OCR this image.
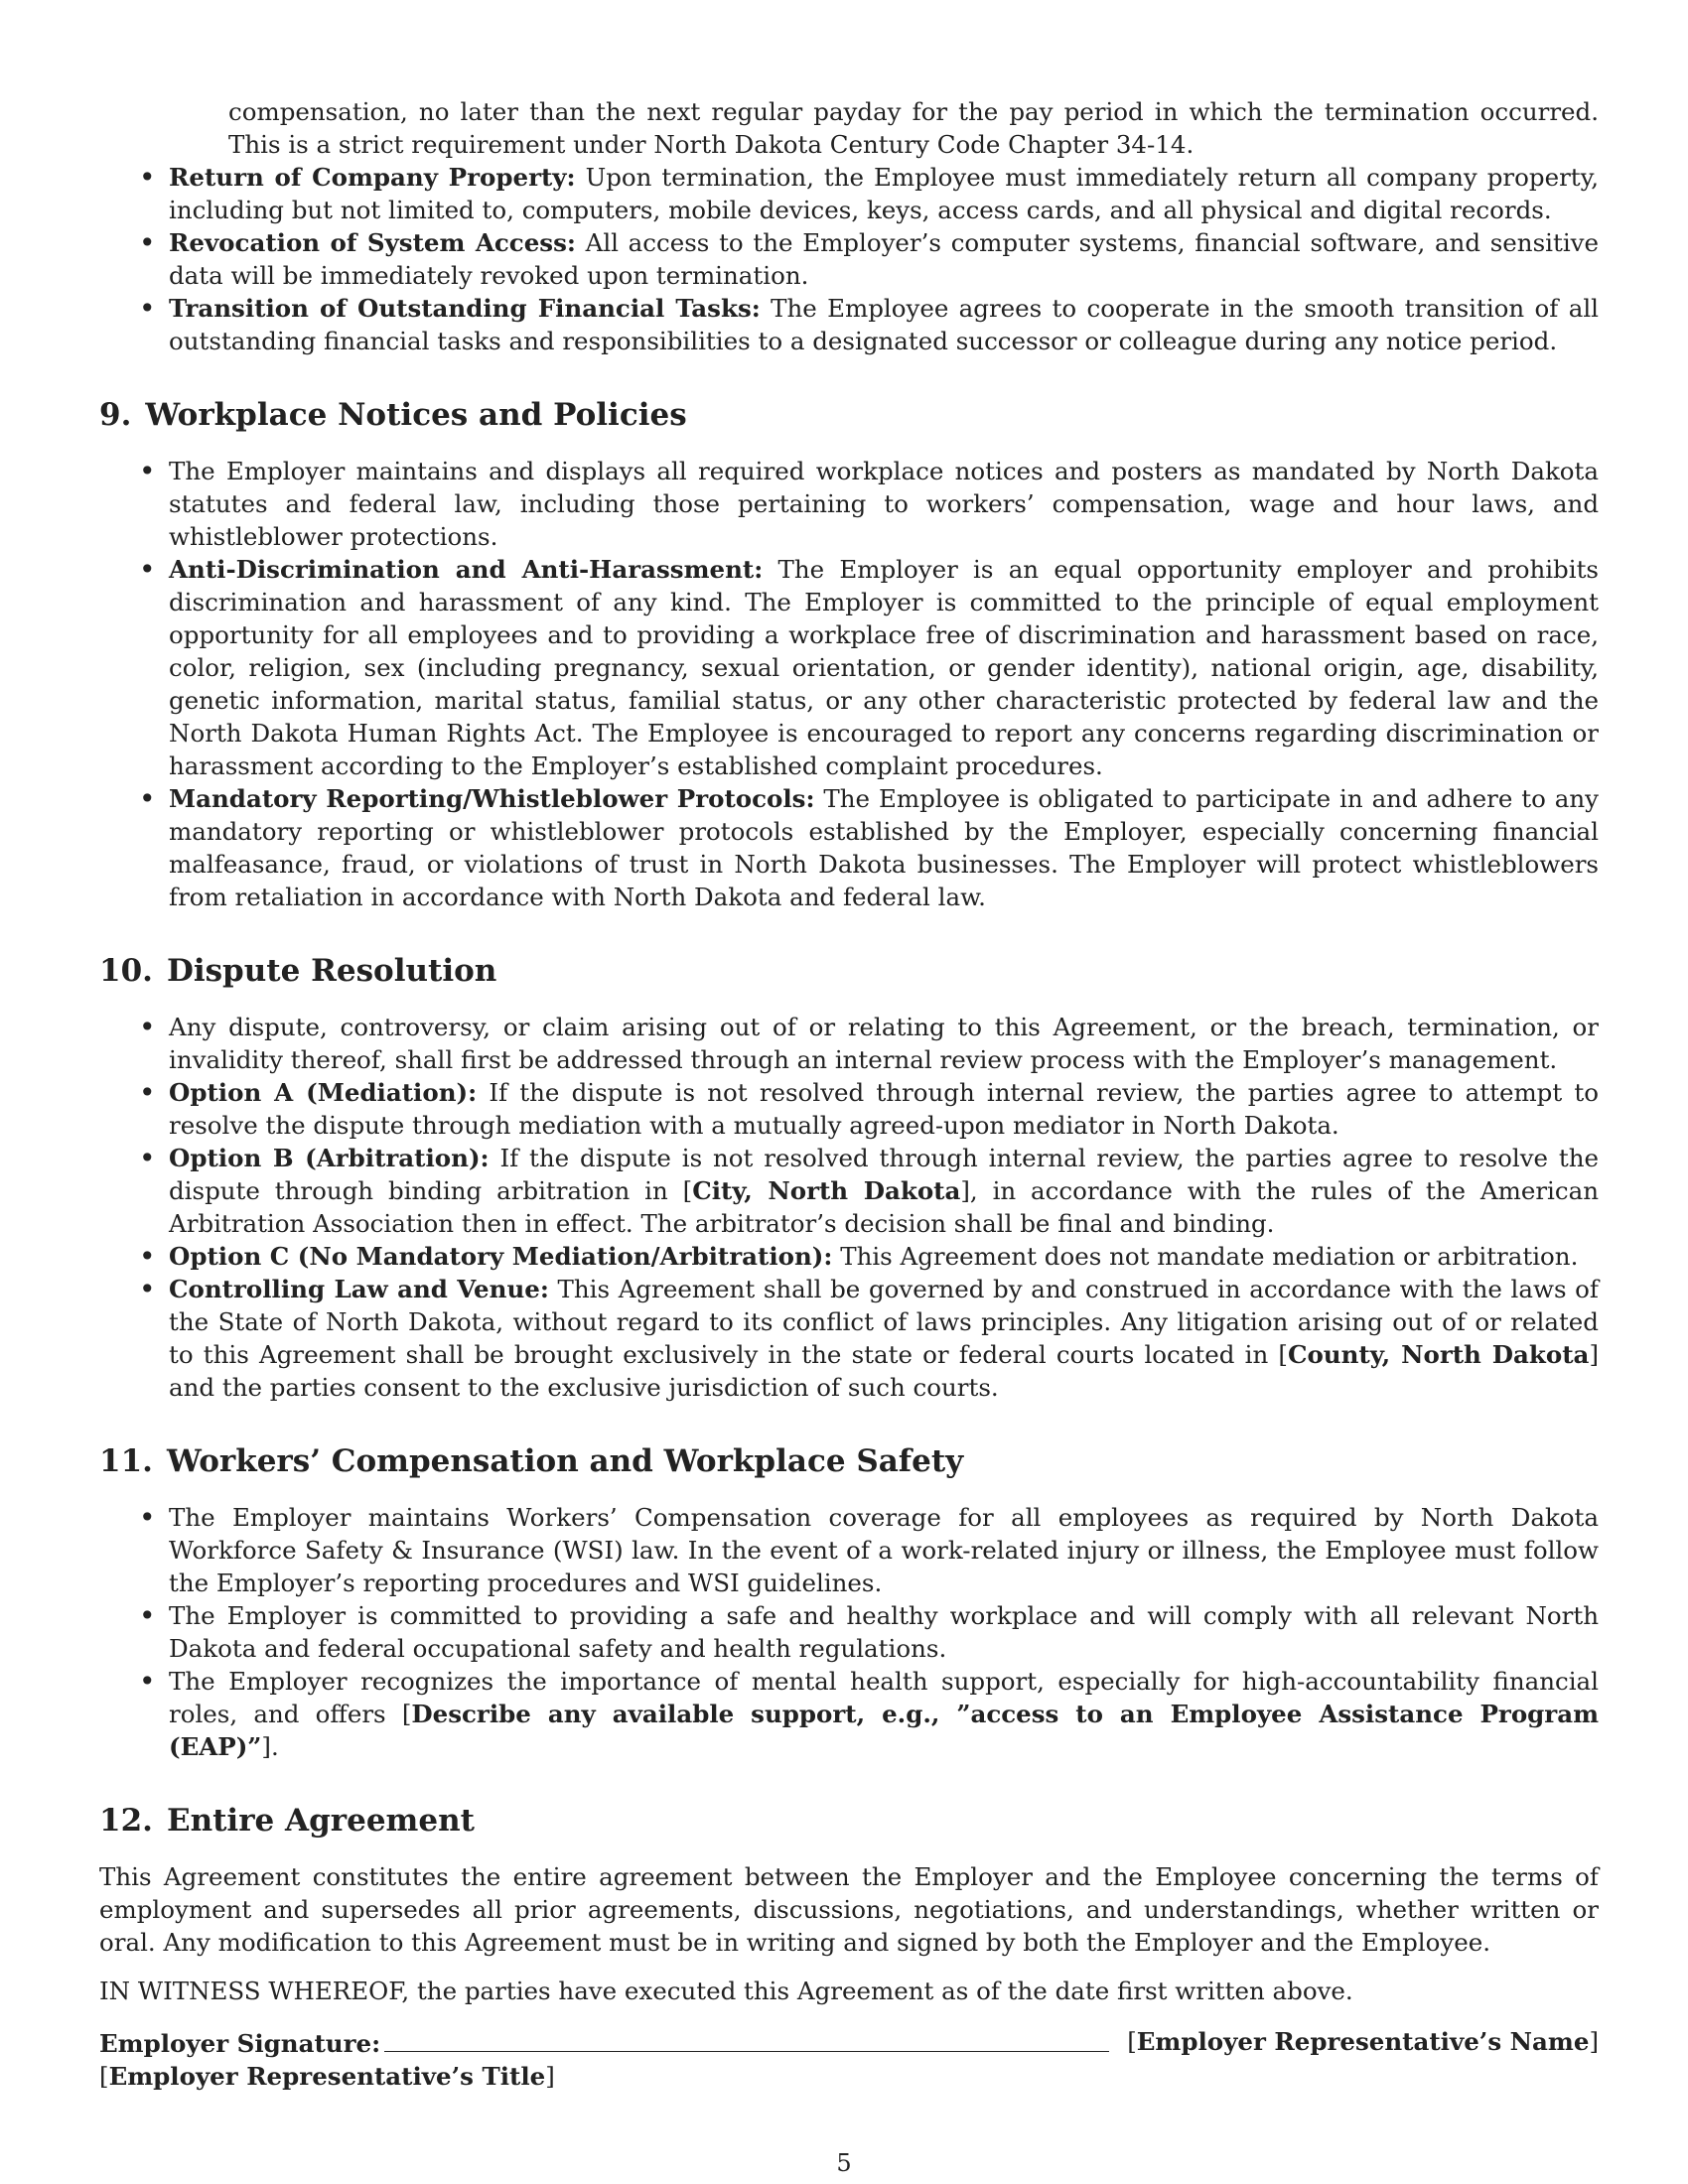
compensation, no later than the next regular payday for the pay period in which the termination occurred. This is a strict requirement under North Dakota Century Code Chapter 34-14.

• Return of Company Property: Upon termination, the Employee must immediately return all company property, including but not limited to, computers, mobile devices, keys, access cards, and all physical and digital records.
• Revocation of System Access: All access to the Employer’s computer systems, financial software, and sensitive data will be immediately revoked upon termination.
• Transition of Outstanding Financial Tasks: The Employee agrees to cooperate in the smooth transition of all outstanding financial tasks and responsibilities to a designated successor or colleague during any notice period.
9. Workplace Notices and Policies
• The Employer maintains and displays all required workplace notices and posters as mandated by North Dakota statutes and federal law, including those pertaining to workers’ compensation, wage and hour laws, and whistleblower protections.
• Anti-Discrimination and Anti-Harassment: The Employer is an equal opportunity employer and prohibits discrimination and harassment of any kind. The Employer is committed to the principle of equal employment opportunity for all employees and to providing a workplace free of discrimination and harassment based on race, color, religion, sex (including pregnancy, sexual orientation, or gender identity), national origin, age, disability, genetic information, marital status, familial status, or any other characteristic protected by federal law and the North Dakota Human Rights Act. The Employee is encouraged to report any concerns regarding discrimination or harassment according to the Employer’s established complaint procedures.
• Mandatory Reporting/Whistleblower Protocols: The Employee is obligated to participate in and adhere to any mandatory reporting or whistleblower protocols established by the Employer, especially concerning financial malfeasance, fraud, or violations of trust in North Dakota businesses. The Employer will protect whistleblowers from retaliation in accordance with North Dakota and federal law.
10. Dispute Resolution
• Any dispute, controversy, or claim arising out of or relating to this Agreement, or the breach, termination, or invalidity thereof, shall first be addressed through an internal review process with the Employer’s management.
• Option A (Mediation): If the dispute is not resolved through internal review, the parties agree to attempt to resolve the dispute through mediation with a mutually agreed-upon mediator in North Dakota.
• Option B (Arbitration): If the dispute is not resolved through internal review, the parties agree to resolve the dispute through binding arbitration in [City, North Dakota], in accordance with the rules of the American Arbitration Association then in effect. The arbitrator’s decision shall be final and binding.
• Option C (No Mandatory Mediation/Arbitration): This Agreement does not mandate mediation or arbitration.
• Controlling Law and Venue: This Agreement shall be governed by and construed in accordance with the laws of the State of North Dakota, without regard to its conflict of laws principles. Any litigation arising out of or related to this Agreement shall be brought exclusively in the state or federal courts located in [County, North Dakota] and the parties consent to the exclusive jurisdiction of such courts.
11. Workers’ Compensation and Workplace Safety
• The Employer maintains Workers’ Compensation coverage for all employees as required by North Dakota Workforce Safety & Insurance (WSI) law. In the event of a work-related injury or illness, the Employee must follow the Employer’s reporting procedures and WSI guidelines.
• The Employer is committed to providing a safe and healthy workplace and will comply with all relevant North Dakota and federal occupational safety and health regulations.
• The Employer recognizes the importance of mental health support, especially for high-accountability financial roles, and offers [Describe any available support, e.g., ”access to an Employee Assistance Program (EAP)”].
12. Entire Agreement

This Agreement constitutes the entire agreement between the Employer and the Employee concerning the terms of employment and supersedes all prior agreements, discussions, negotiations, and understandings, whether written or oral. Any modification to this Agreement must be in writing and signed by both the Employer and the Employee.

IN WITNESS WHEREOF, the parties have executed this Agreement as of the date first written above.

Employer Signature:	[Employer Representative’s Name]
[Employer Representative’s Title]
5
